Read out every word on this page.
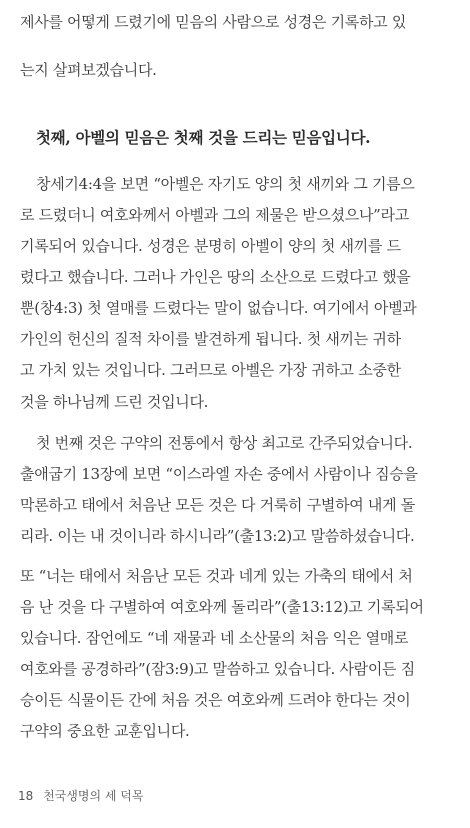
제사를 어떻게 드렸기에 믿음의 사람으로 성경은 기록하고 있
는지 살펴보겠습니다.
첫째, 아벨의 믿음은 첫째 것을 드리는 믿음입니다.
창세기4:4을 보면 “아벨은 자기도 양의 첫 새끼와 그 기름으
로 드렸더니 여호와께서 아벨과 그의 제물은 받으셨으나”라고
기록되어 있습니다. 성경은 분명히 아벨이 양의 첫 새끼를 드
렸다고 했습니다. 그러나 가인은 땅의 소산으로 드렸다고 했을
뿐(창4:3) 첫 열매를 드렸다는 말이 없습니다. 여기에서 아벨과
가인의 헌신의 질적 차이를 발견하게 됩니다. 첫 새끼는 귀하
고 가치 있는 것입니다. 그러므로 아벨은 가장 귀하고 소중한
것을 하나님께 드린 것입니다.
첫 번째 것은 구약의 전통에서 항상 최고로 간주되었습니다.
출애굽기 13장에 보면 “이스라엘 자손 중에서 사람이나 짐승을
막론하고 태에서 처음난 모든 것은 다 거룩히 구별하여 내게 돌
리라. 이는 내 것이니라 하시니라”(출13:2)고 말씀하셨습니다.
또 “너는 태에서 처음난 모든 것과 네게 있는 가축의 태에서 처
음 난 것을 다 구별하여 여호와께 돌리라”(출13:12)고 기록되어
있습니다. 잠언에도 “네 재물과 네 소산물의 처음 익은 열매로
여호와를 공경하라”(잠3:9)고 말씀하고 있습니다. 사람이든 짐
승이든 식물이든 간에 처음 것은 여호와께 드려야 한다는 것이
구약의 중요한 교훈입니다.
18 천국생명의 세 덕목
